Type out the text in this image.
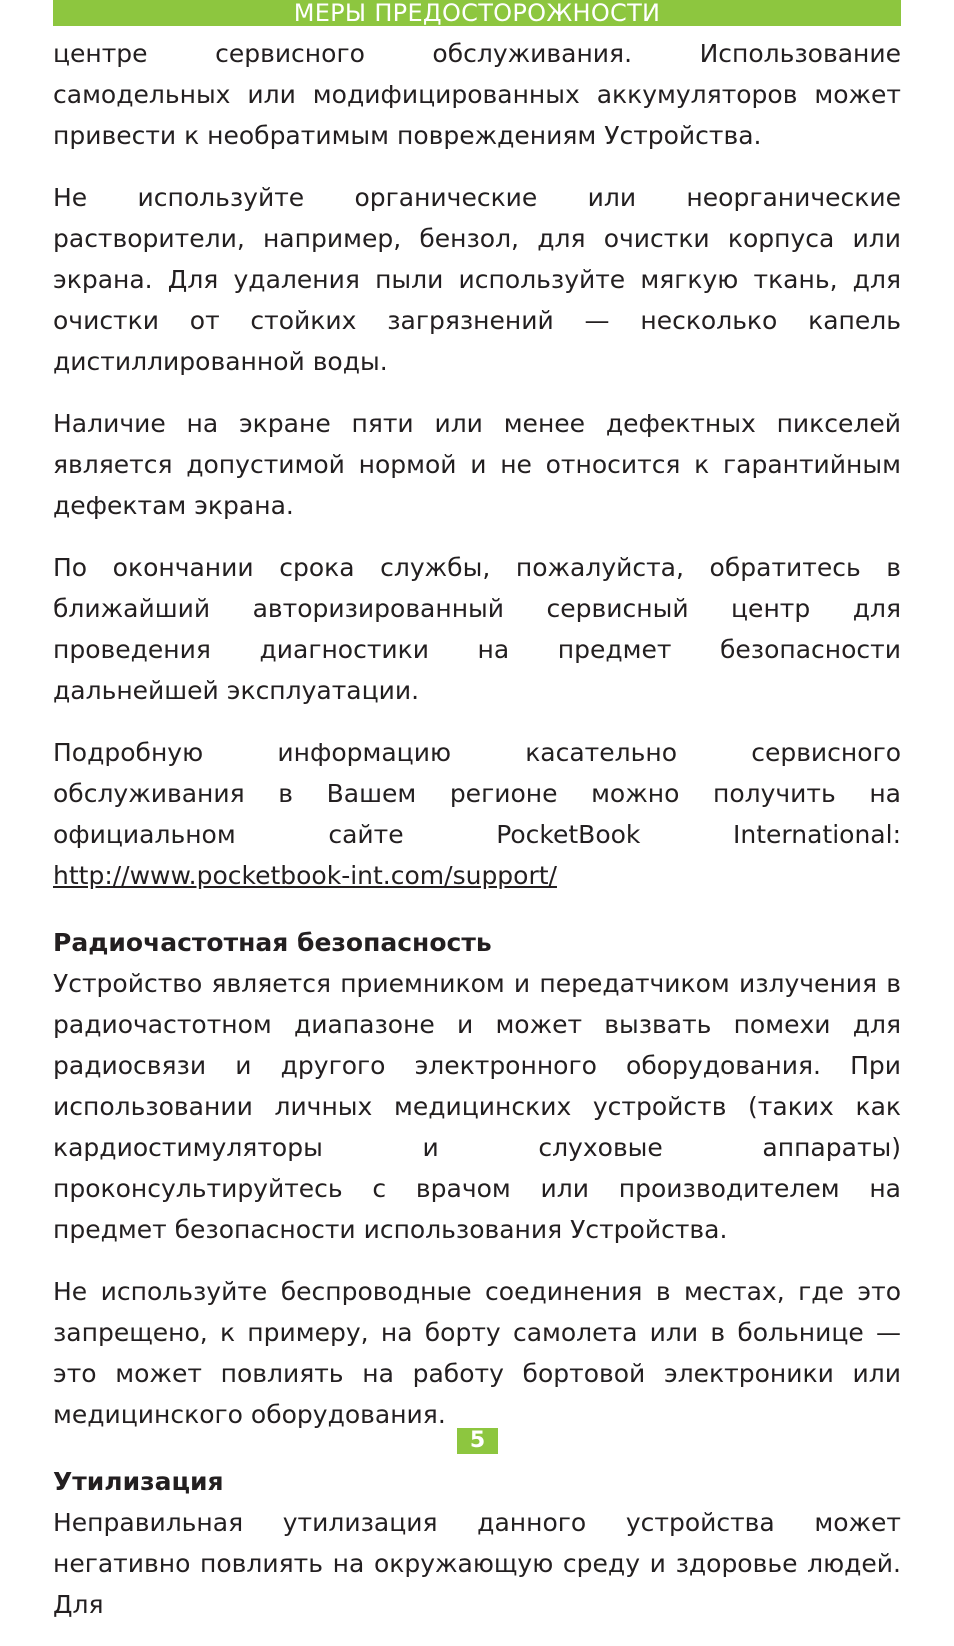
МЕРЫ ПРЕДОСТОРОЖНОСТИ

центре сервисного обслуживания. Использование самодельных или модифицированных аккумуляторов может привести к необратимым повреждениям Устройства.

Не используйте органические или неорганические растворители, например, бензол, для очистки корпуса или экрана. Для удаления пыли используйте мягкую ткань, для очистки от стойких загрязнений — несколько капель дистиллированной воды.

Наличие на экране пяти или менее дефектных пикселей является допустимой нормой и не относится к гарантийным дефектам экрана.

По окончании срока службы, пожалуйста, обратитесь в ближайший авторизированный сервисный центр для проведения диагностики на предмет безопасности дальнейшей эксплуатации.

Подробную информацию касательно сервисного обслуживания в Вашем регионе можно получить на официальном сайте PocketBook International: http://www.pocketbook-int.com/support/

Радиочастотная безопасность

Устройство является приемником и передатчиком излучения в радиочастотном диапазоне и может вызвать помехи для радиосвязи и другого электронного оборудования. При использовании личных медицинских устройств (таких как кардиостимуляторы и слуховые аппараты) проконсультируйтесь с врачом или производителем на предмет безопасности использования Устройства.

Не используйте беспроводные соединения в местах, где это запрещено, к примеру, на борту самолета или в больнице — это может повлиять на работу бортовой электроники или медицинского оборудования.

Утилизация

Неправильная утилизация данного устройства может негативно повлиять на окружающую среду и здоровье людей. Для

5
